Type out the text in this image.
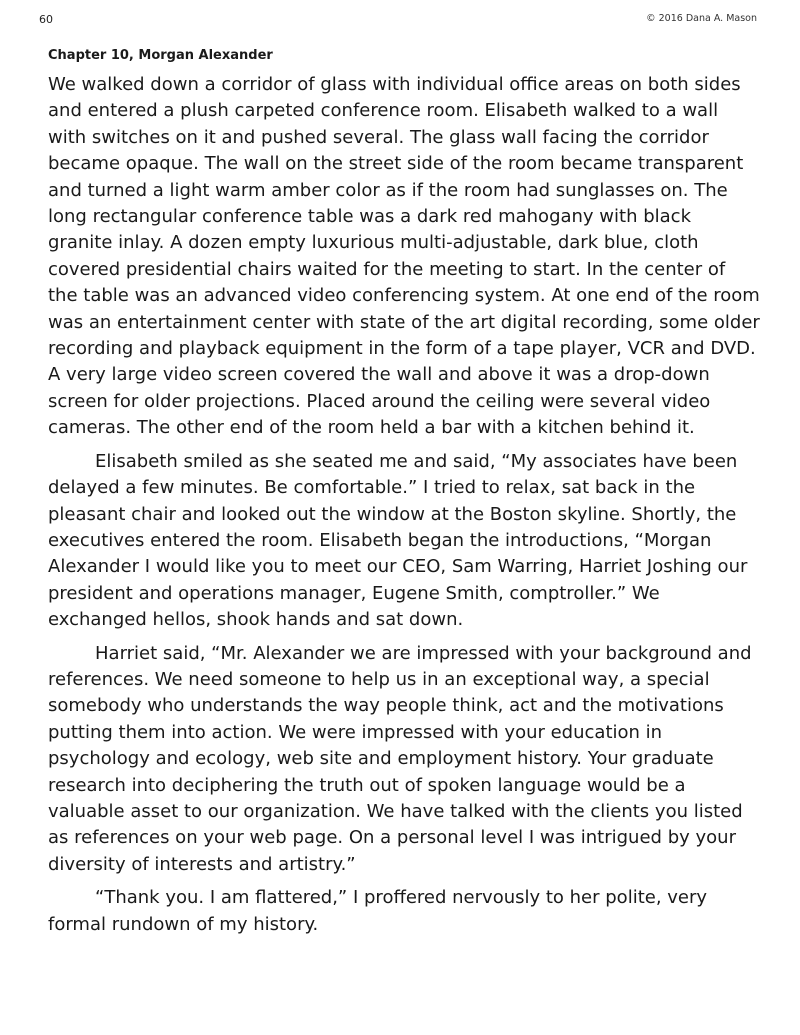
60	© 2016 Dana A. Mason
Chapter 10, Morgan Alexander

We walked down a corridor of glass with individual office areas on both sides and entered a plush carpeted conference room. Elisabeth walked to a wall with switches on it and pushed several. The glass wall facing the corridor became opaque. The wall on the street side of the room became transparent and turned a light warm amber color as if the room had sunglasses on. The long rectangular conference table was a dark red mahogany with black granite inlay. A dozen empty luxurious multi-adjustable, dark blue, cloth covered presidential chairs waited for the meeting to start. In the center of the table was an advanced video conferencing system. At one end of the room was an entertainment center with state of the art digital recording, some older recording and playback equipment in the form of a tape player, VCR and DVD. A very large video screen covered the wall and above it was a drop-down screen for older projections. Placed around the ceiling were several video cameras. The other end of the room held a bar with a kitchen behind it.

Elisabeth smiled as she seated me and said, “My associates have been delayed a few minutes. Be comfortable.” I tried to relax, sat back in the pleasant chair and looked out the window at the Boston skyline. Shortly, the executives entered the room. Elisabeth began the introductions, “Morgan Alexander I would like you to meet our CEO, Sam Warring, Harriet Joshing our president and operations manager, Eugene Smith, comptroller.” We exchanged hellos, shook hands and sat down.

Harriet said, “Mr. Alexander we are impressed with your background and references. We need someone to help us in an exceptional way, a special somebody who understands the way people think, act and the motivations putting them into action. We were impressed with your education in psychology and ecology, web site and employment history. Your graduate research into deciphering the truth out of spoken language would be a valuable asset to our organization. We have talked with the clients you listed as references on your web page. On a personal level I was intrigued by your diversity of interests and artistry.”

“Thank you. I am flattered,” I proffered nervously to her polite, very formal rundown of my history.
